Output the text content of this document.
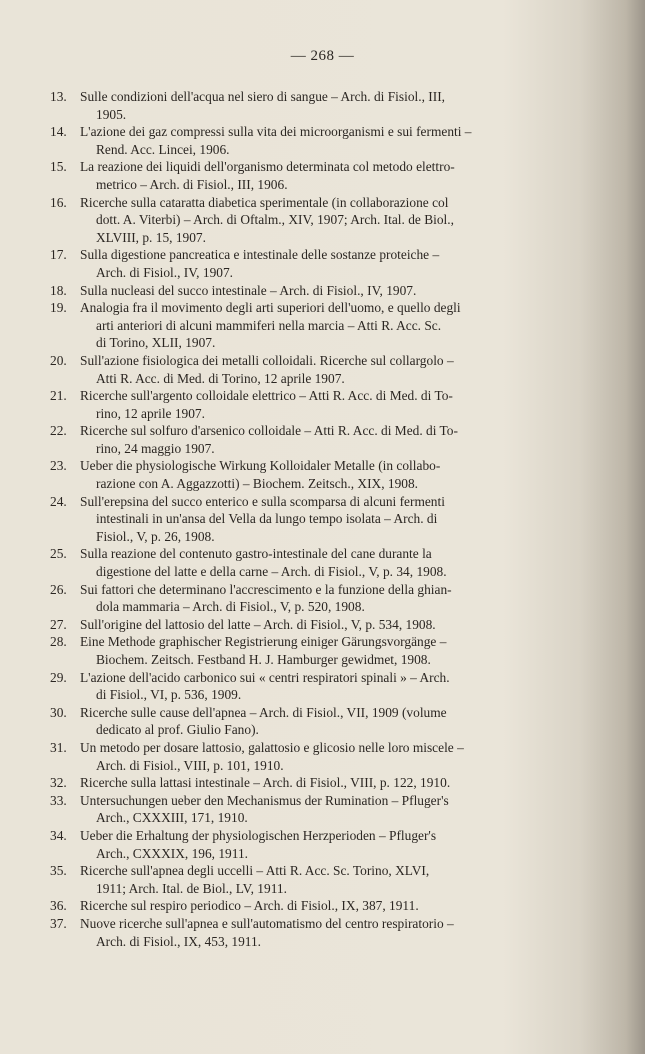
— 268 —
13. Sulle condizioni dell'acqua nel siero di sangue – Arch. di Fisiol., III,
1905.
14. L'azione dei gaz compressi sulla vita dei microorganismi e sui fermenti –
Rend. Acc. Lincei, 1906.
15. La reazione dei liquidi dell'organismo determinata col metodo elettro-
metrico – Arch. di Fisiol., III, 1906.
16. Ricerche sulla cataratta diabetica sperimentale (in collaborazione col
dott. A. Viterbi) – Arch. di Oftalm., XIV, 1907; Arch. Ital. de Biol.,
XLVIII, p. 15, 1907.
17. Sulla digestione pancreatica e intestinale delle sostanze proteiche –
Arch. di Fisiol., IV, 1907.
18. Sulla nucleasi del succo intestinale – Arch. di Fisiol., IV, 1907.
19. Analogia fra il movimento degli arti superiori dell'uomo, e quello degli
arti anteriori di alcuni mammiferi nella marcia – Atti R. Acc. Sc.
di Torino, XLII, 1907.
20. Sull'azione fisiologica dei metalli colloidali. Ricerche sul collargolo –
Atti R. Acc. di Med. di Torino, 12 aprile 1907.
21. Ricerche sull'argento colloidale elettrico – Atti R. Acc. di Med. di To-
rino, 12 aprile 1907.
22. Ricerche sul solfuro d'arsenico colloidale – Atti R. Acc. di Med. di To-
rino, 24 maggio 1907.
23. Ueber die physiologische Wirkung Kolloidaler Metalle (in collabo-
razione con A. Aggazzotti) – Biochem. Zeitsch., XIX, 1908.
24. Sull'erepsina del succo enterico e sulla scomparsa di alcuni fermenti
intestinali in un'ansa del Vella da lungo tempo isolata – Arch. di
Fisiol., V, p. 26, 1908.
25. Sulla reazione del contenuto gastro-intestinale del cane durante la
digestione del latte e della carne – Arch. di Fisiol., V, p. 34, 1908.
26. Sui fattori che determinano l'accrescimento e la funzione della ghian-
dola mammaria – Arch. di Fisiol., V, p. 520, 1908.
27. Sull'origine del lattosio del latte – Arch. di Fisiol., V, p. 534, 1908.
28. Eine Methode graphischer Registrierung einiger Gärungsvorgänge –
Biochem. Zeitsch. Festband H. J. Hamburger gewidmet, 1908.
29. L'azione dell'acido carbonico sui « centri respiratori spinali » – Arch.
di Fisiol., VI, p. 536, 1909.
30. Ricerche sulle cause dell'apnea – Arch. di Fisiol., VII, 1909 (volume
dedicato al prof. Giulio Fano).
31. Un metodo per dosare lattosio, galattosio e glicosio nelle loro miscele –
Arch. di Fisiol., VIII, p. 101, 1910.
32. Ricerche sulla lattasi intestinale – Arch. di Fisiol., VIII, p. 122, 1910.
33. Untersuchungen ueber den Mechanismus der Rumination – Pfluger's
Arch., CXXXIII, 171, 1910.
34. Ueber die Erhaltung der physiologischen Herzperioden – Pfluger's
Arch., CXXXIX, 196, 1911.
35. Ricerche sull'apnea degli uccelli – Atti R. Acc. Sc. Torino, XLVI,
1911; Arch. Ital. de Biol., LV, 1911.
36. Ricerche sul respiro periodico – Arch. di Fisiol., IX, 387, 1911.
37. Nuove ricerche sull'apnea e sull'automatismo del centro respiratorio –
Arch. di Fisiol., IX, 453, 1911.
